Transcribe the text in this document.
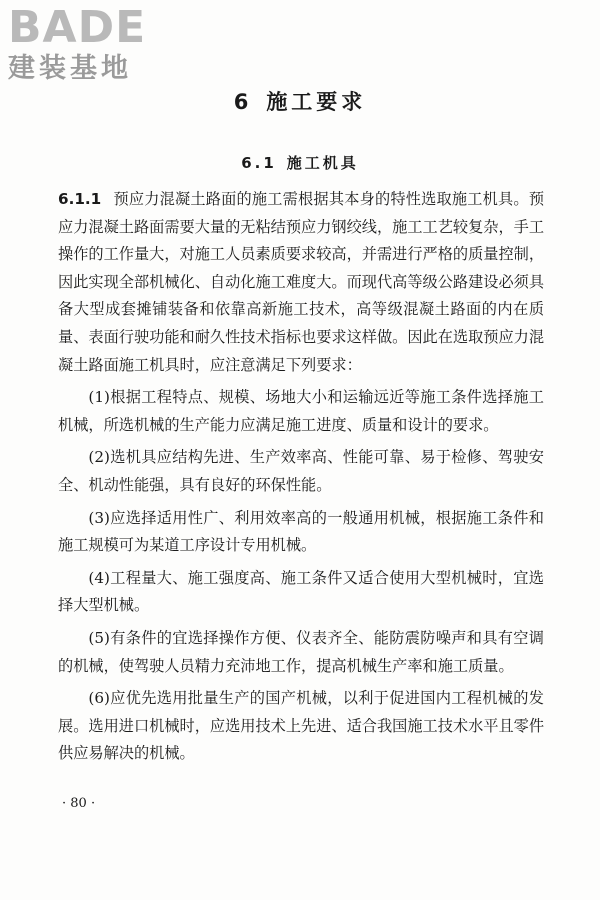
BADE
建装基地
6 施工要求
6.1 施工机具

6.1.1 预应力混凝土路面的施工需根据其本身的特性选取施工机具。预应力混凝土路面需要大量的无粘结预应力钢绞线，施工工艺较复杂，手工操作的工作量大，对施工人员素质要求较高，并需进行严格的质量控制，因此实现全部机械化、自动化施工难度大。而现代高等级公路建设必须具备大型成套摊铺装备和依靠高新施工技术，高等级混凝土路面的内在质量、表面行驶功能和耐久性技术指标也要求这样做。因此在选取预应力混凝土路面施工机具时，应注意满足下列要求：

(1)根据工程特点、规模、场地大小和运输远近等施工条件选择施工机械，所选机械的生产能力应满足施工进度、质量和设计的要求。

(2)选机具应结构先进、生产效率高、性能可靠、易于检修、驾驶安全、机动性能强，具有良好的环保性能。

(3)应选择适用性广、利用效率高的一般通用机械，根据施工条件和施工规模可为某道工序设计专用机械。

(4)工程量大、施工强度高、施工条件又适合使用大型机械时，宜选择大型机械。

(5)有条件的宜选择操作方便、仪表齐全、能防震防噪声和具有空调的机械，使驾驶人员精力充沛地工作，提高机械生产率和施工质量。

(6)应优先选用批量生产的国产机械，以利于促进国内工程机械的发展。选用进口机械时，应选用技术上先进、适合我国施工技术水平且零件供应易解决的机械。

· 80 ·
